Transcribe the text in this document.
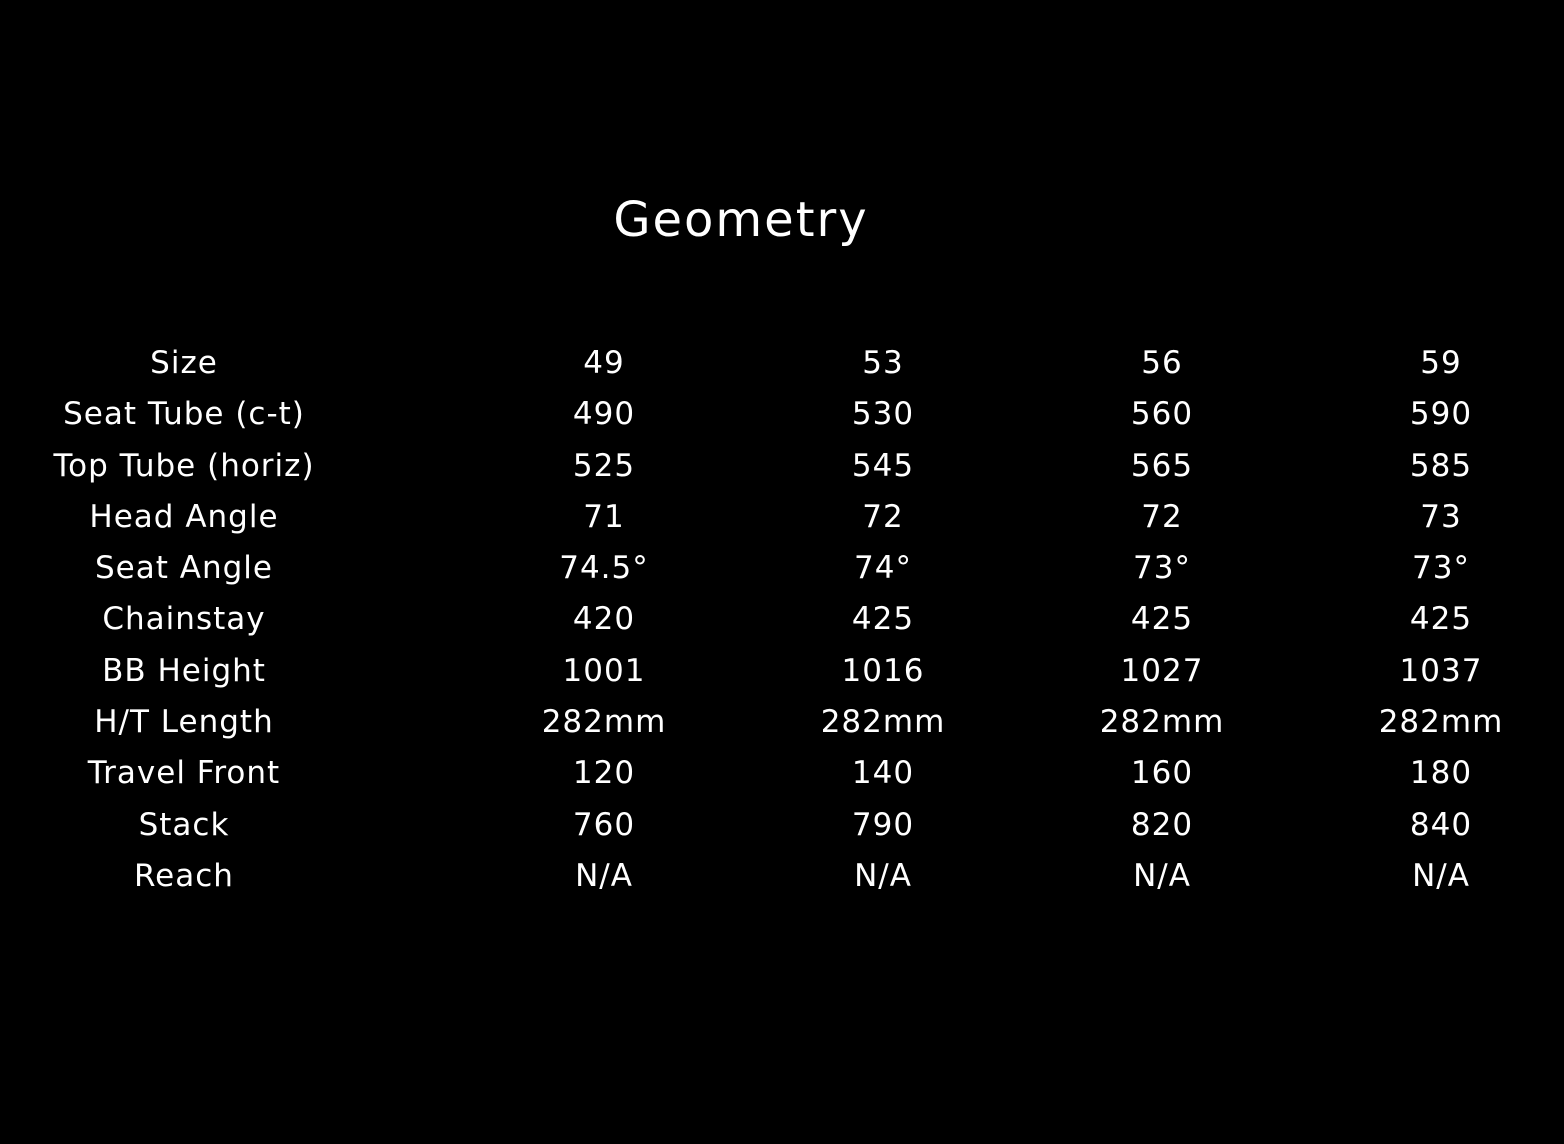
Geometry
Size	49	53	56	59
Seat Tube (c-t)	490	530	560	590
Top Tube (horiz)	525	545	565	585
Head Angle	71	72	72	73
Seat Angle	74.5°	74°	73°	73°
Chainstay	420	425	425	425
BB Height	1001	1016	1027	1037
H/T Length	282mm	282mm	282mm	282mm
Travel Front	120	140	160	180
Stack	760	790	820	840
Reach	N/A	N/A	N/A	N/A
